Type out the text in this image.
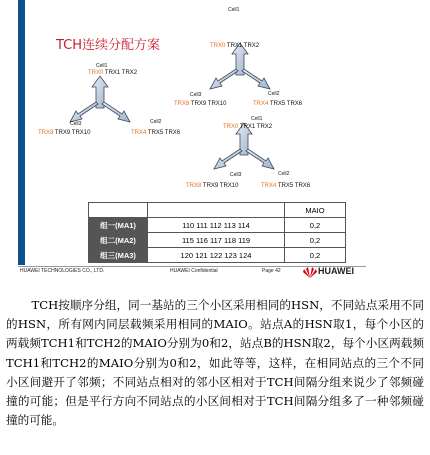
TCH连续分配方案
Cell1
TRX0 TRX1 TRX2
Cell3
TRX8 TRX9 TRX10
Cell2
TRX4 TRX5 TRX6
Cell1
TRX0 TRX1 TRX2
Cell3
TRX8 TRX9 TRX10
Cell2
TRX4 TRX5 TRX6
Cell1
TRX0 TRX1 TRX2
Cell3
TRX8 TRX9 TRX10
Cell2
TRX4 TRX5 TRX6
		MAIO
组一(MA1)	110 111 112 113 114	0,2
组二(MA2)	115 116 117 118 119	0,2
组三(MA3)	120 121 122 123 124	0,2
HUAWEI TECHNOLOGIES CO., LTD.	HUAWEI Confidential	Page 42	HUAWEI

TCH按顺序分组，同一基站的三个小区采用相同的HSN，不同站点采用不同的HSN，所有网内同层载频采用相同的MAIO。站点A的HSN取1，每个小区的两载频TCH1和TCH2的MAIO分别为0和2，站点B的HSN取2，每个小区两载频TCH1和TCH2的MAIO分别为0和2，如此等等，这样，在相同站点的三个不同小区间避开了邻频；不同站点相对的邻小区相对于TCH间隔分组来说少了邻频碰撞的可能；但是平行方向不同站点的小区间相对于TCH间隔分组多了一种邻频碰撞的可能。
